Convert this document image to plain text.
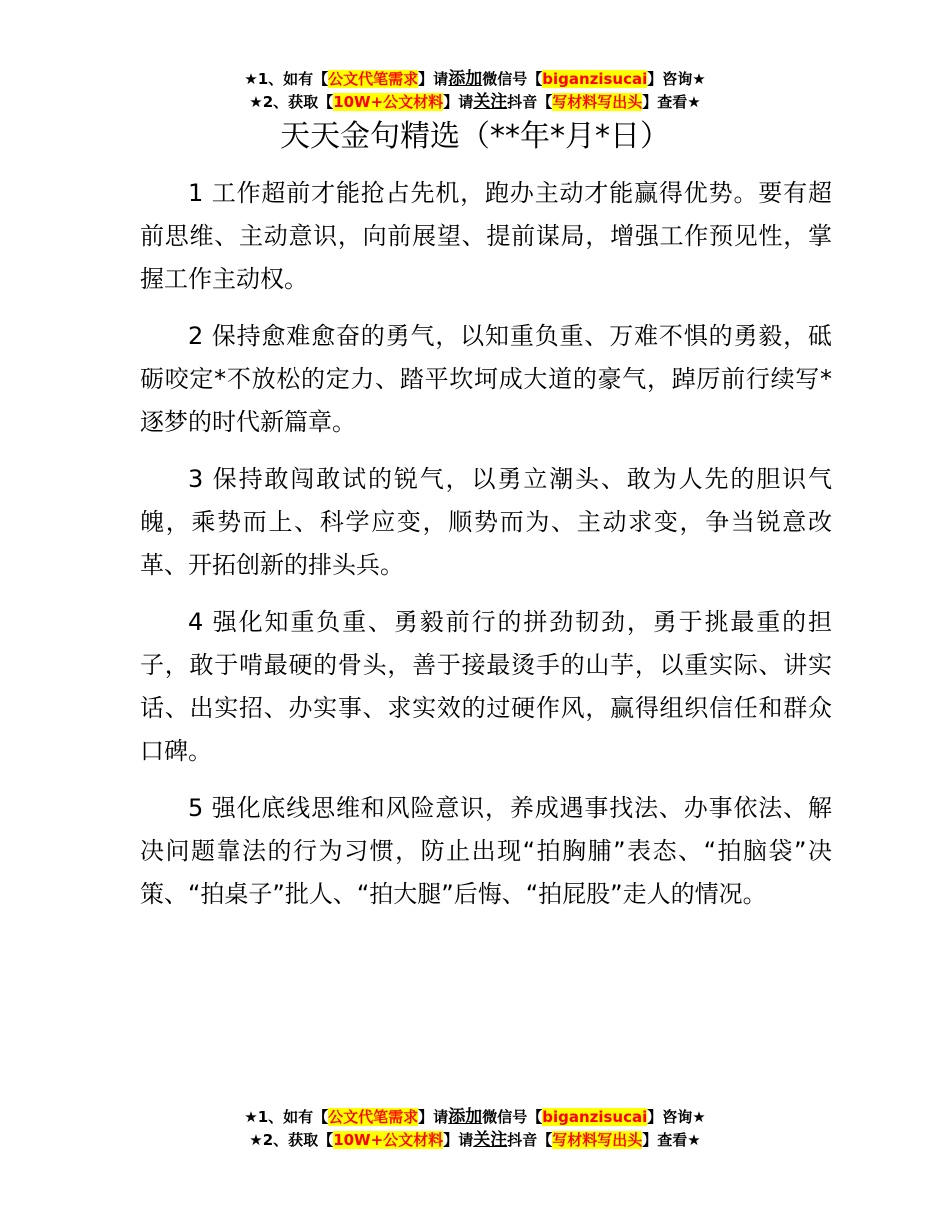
★1、如有【公文代笔需求】请添加微信号【biganzisucai】咨询★
★2、获取【10W+公文材料】请关注抖音【写材料写出头】查看★
天天金句精选（**年*月*日）

1 工作超前才能抢占先机，跑办主动才能赢得优势。要有超前思维、主动意识，向前展望、提前谋局，增强工作预见性，掌握工作主动权。

2 保持愈难愈奋的勇气，以知重负重、万难不惧的勇毅，砥砺咬定*不放松的定力、踏平坎坷成大道的豪气，踔厉前行续写*逐梦的时代新篇章。

3 保持敢闯敢试的锐气，以勇立潮头、敢为人先的胆识气魄，乘势而上、科学应变，顺势而为、主动求变，争当锐意改革、开拓创新的排头兵。

4 强化知重负重、勇毅前行的拼劲韧劲，勇于挑最重的担子，敢于啃最硬的骨头，善于接最烫手的山芋，以重实际、讲实话、出实招、办实事、求实效的过硬作风，赢得组织信任和群众口碑。

5 强化底线思维和风险意识，养成遇事找法、办事依法、解决问题靠法的行为习惯，防止出现“拍胸脯”表态、“拍脑袋”决策、“拍桌子”批人、“拍大腿”后悔、“拍屁股”走人的情况。

★1、如有【公文代笔需求】请添加微信号【biganzisucai】咨询★
★2、获取【10W+公文材料】请关注抖音【写材料写出头】查看★
